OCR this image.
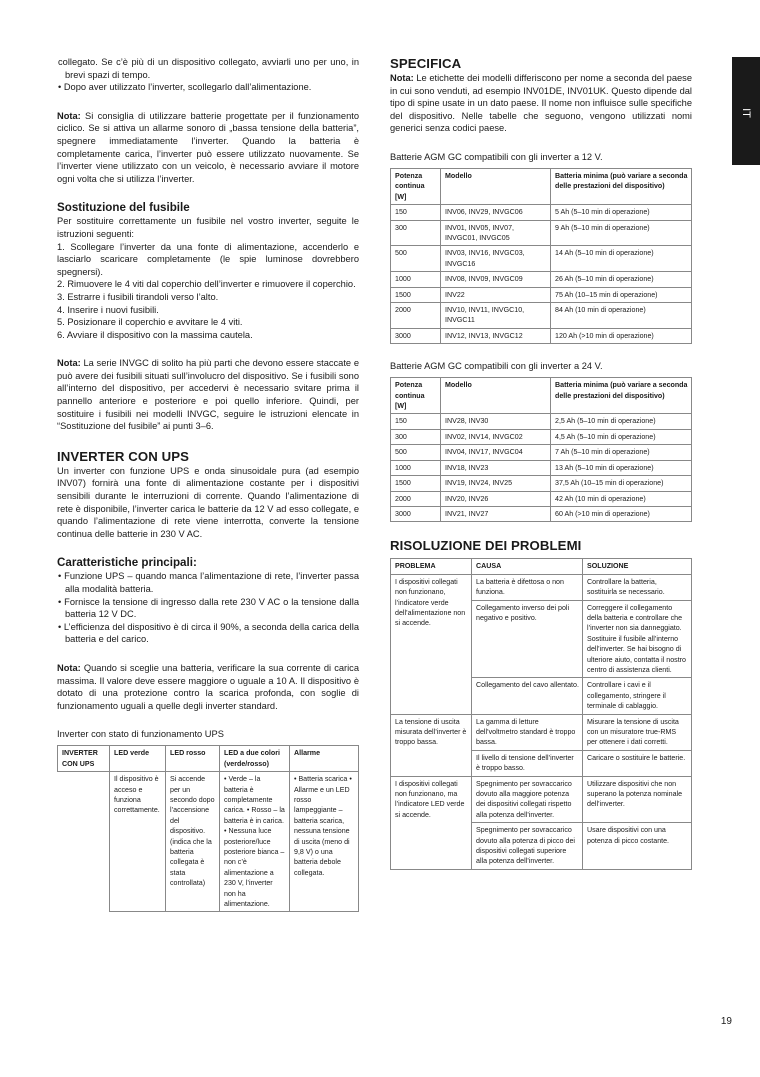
IT

collegato. Se c’è più di un dispositivo collegato, avviarli uno per uno, in brevi spazi di tempo.

• Dopo aver utilizzato l’inverter, scollegarlo dall’alimentazione.

Nota: Si consiglia di utilizzare batterie progettate per il funzionamento ciclico. Se si attiva un allarme sonoro di „bassa tensione della batteria”, spegnere immediatamente l’inverter. Quando la batteria è completamente carica, l’inverter può essere utilizzato nuovamente. Se l’inverter viene utilizzato con un veicolo, è necessario avviare il motore ogni volta che si utilizza l’inverter.

Sostituzione del fusibile

Per sostituire correttamente un fusibile nel vostro inverter, seguite le istruzioni seguenti:

1. Scollegare l’inverter da una fonte di alimentazione, accenderlo e lasciarlo scaricare completamente (le spie luminose dovrebbero spegnersi).

2. Rimuovere le 4 viti dal coperchio dell’inverter e rimuovere il coperchio.

3. Estrarre i fusibili tirandoli verso l’alto.

4. Inserire i nuovi fusibili.

5. Posizionare il coperchio e avvitare le 4 viti.

6. Avviare il dispositivo con la massima cautela.

Nota: La serie INVGC di solito ha più parti che devono essere staccate e può avere dei fusibili situati sull’involucro del dispositivo. Se i fusibili sono all’interno del dispositivo, per accedervi è necessario svitare prima il pannello anteriore e posteriore e poi quello inferiore. Quindi, per sostituire i fusibili nei modelli INVGC, seguire le istruzioni elencate in “Sostituzione del fusibile” ai punti 3–6.

INVERTER CON UPS

Un inverter con funzione UPS e onda sinusoidale pura (ad esempio INV07) fornirà una fonte di alimentazione costante per i dispositivi sensibili durante le interruzioni di corrente. Quando l’alimentazione di rete è disponibile, l’inverter carica le batterie da 12 V ad esso collegate, e quando l’alimentazione di rete viene interrotta, converte la tensione continua delle batterie in 230 V AC.

Caratteristiche principali:

• Funzione UPS – quando manca l’alimentazione di rete, l’inverter passa alla modalità batteria.

• Fornisce la tensione di ingresso dalla rete 230 V AC o la tensione dalla batteria 12 V DC.

• L’efficienza del dispositivo è di circa il 90%, a seconda della carica della batteria e del carico.

Nota: Quando si sceglie una batteria, verificare la sua corrente di carica massima. Il valore deve essere maggiore o uguale a 10 A. Il dispositivo è dotato di una protezione contro la scarica profonda, con soglie di funzionamento uguali a quelle degli inverter standard.

Inverter con stato di funzionamento UPS
INVERTER CON UPS	LED verde	LED rosso	LED a due colori (verde/rosso)	Allarme
	Il dispositivo è acceso e funziona correttamente.	Si accende per un secondo dopo l’accensione del dispositivo. (indica che la batteria collegata è stata controllata)	• Verde – la batteria è completamente carica. • Rosso – la batteria è in carica. • Nessuna luce posteriore/luce posteriore bianca – non c’è alimentazione a 230 V, l’inverter non ha alimentazione.	• Batteria scarica • Allarme e un LED rosso lampeggiante – batteria scarica, nessuna tensione di uscita (meno di 9,8 V) o una batteria debole collegata.
SPECIFICA

Nota: Le etichette dei modelli differiscono per nome a seconda del paese in cui sono venduti, ad esempio INV01DE, INV01UK. Questo dipende dal tipo di spine usate in un dato paese. Il nome non influisce sulle specifiche del dispositivo. Nelle tabelle che seguono, vengono utilizzati nomi generici senza codici paese.

Batterie AGM GC compatibili con gli inverter a 12 V.
Potenza continua [W]	Modello	Batteria minima (può variare a seconda delle prestazioni del dispositivo)
150	INV06, INV29, INVGC06	5 Ah (5–10 min di operazione)
300	INV01, INV05, INV07, INVGC01, INVGC05	9 Ah (5–10 min di operazione)
500	INV03, INV16, INVGC03, INVGC16	14 Ah (5–10 min di operazione)
1000	INV08, INV09, INVGC09	26 Ah (5–10 min di operazione)
1500	INV22	75 Ah (10–15 min di operazione)
2000	INV10, INV11, INVGC10, INVGC11	84 Ah (10 min di operazione)
3000	INV12, INV13, INVGC12	120 Ah (>10 min di operazione)
Batterie AGM GC compatibili con gli inverter a 24 V.
Potenza continua [W]	Modello	Batteria minima (può variare a seconda delle prestazioni del dispositivo)
150	INV28, INV30	2,5 Ah (5–10 min di operazione)
300	INV02, INV14, INVGC02	4,5 Ah (5–10 min di operazione)
500	INV04, INV17, INVGC04	7 Ah (5–10 min di operazione)
1000	INV18, INV23	13 Ah (5–10 min di operazione)
1500	INV19, INV24, INV25	37,5 Ah (10–15 min di operazione)
2000	INV20, INV26	42 Ah (10 min di operazione)
3000	INV21, INV27	60 Ah (>10 min di operazione)
RISOLUZIONE DEI PROBLEMI
PROBLEMA	CAUSA	SOLUZIONE
I dispositivi collegati non funzionano, l’indicatore verde dell’alimentazione non si accende.	La batteria è difettosa o non funziona.	Controllare la batteria, sostituirla se necessario.
	Collegamento inverso dei poli negativo e positivo.	Correggere il collegamento della batteria e controllare che l’inverter non sia danneggiato. Sostituire il fusibile all’interno dell’inverter. Se hai bisogno di ulteriore aiuto, contatta il nostro centro di assistenza clienti.
	Collegamento del cavo allentato.	Controllare i cavi e il collegamento, stringere il terminale di cablaggio.
La tensione di uscita misurata dell’inverter è troppo bassa.	La gamma di letture dell’voltmetro standard è troppo bassa.	Misurare la tensione di uscita con un misuratore true-RMS per ottenere i dati corretti.
	Il livello di tensione dell’inverter è troppo basso.	Caricare o sostituire le batterie.
I dispositivi collegati non funzionano, ma l’indicatore LED verde si accende.	Spegnimento per sovraccarico dovuto alla maggiore potenza dei dispositivi collegati rispetto alla potenza dell’inverter.	Utilizzare dispositivi che non superano la potenza nominale dell’inverter.
	Spegnimento per sovraccarico dovuto alla potenza di picco dei dispositivi collegati superiore alla potenza dell’inverter.	Usare dispositivi con una potenza di picco costante.
19
